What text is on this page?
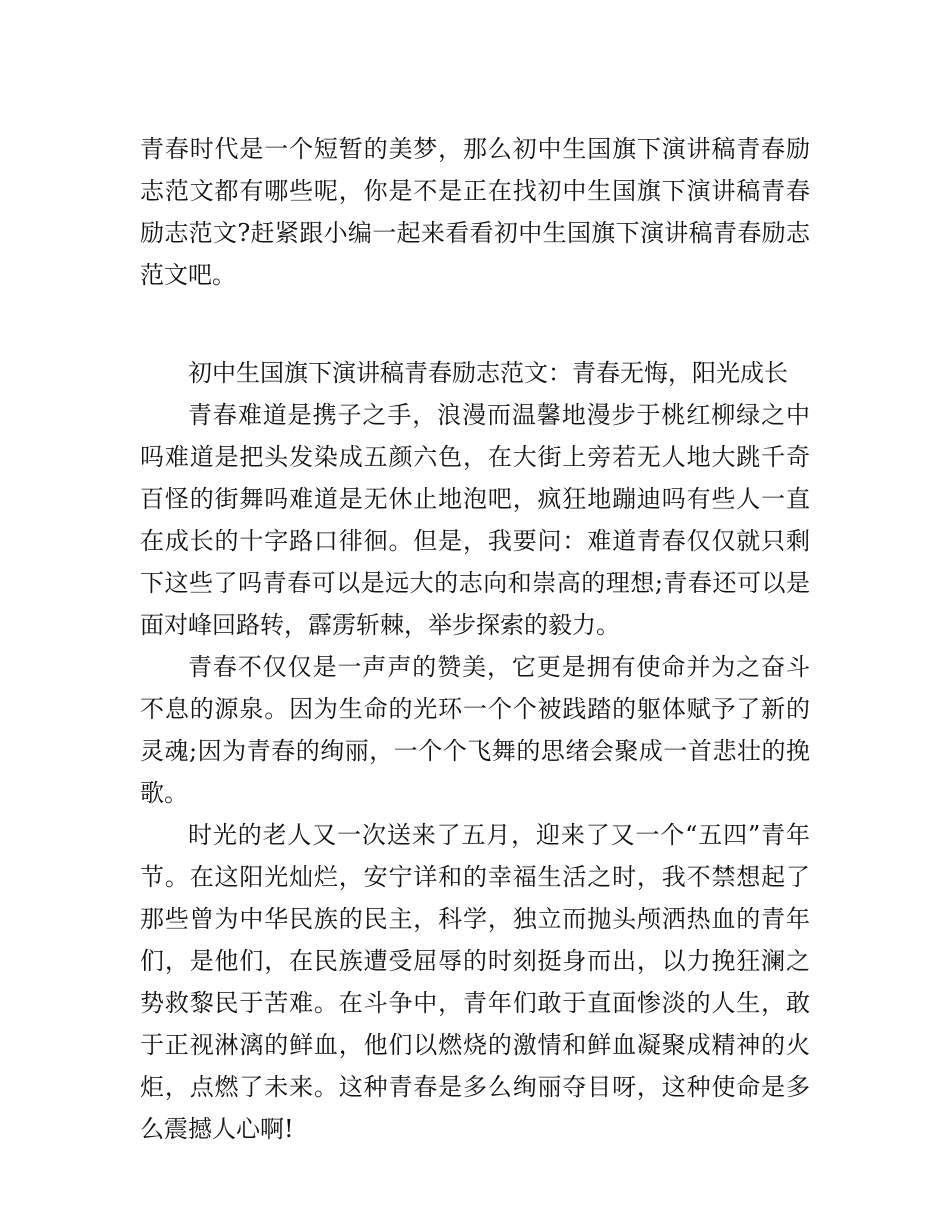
青春时代是一个短暂的美梦，那么初中生国旗下演讲稿青春励志范文都有哪些呢，你是不是正在找初中生国旗下演讲稿青春励志范文?赶紧跟小编一起来看看初中生国旗下演讲稿青春励志范文吧。

初中生国旗下演讲稿青春励志范文：青春无悔，阳光成长

青春难道是携子之手，浪漫而温馨地漫步于桃红柳绿之中吗难道是把头发染成五颜六色，在大街上旁若无人地大跳千奇百怪的街舞吗难道是无休止地泡吧，疯狂地蹦迪吗有些人一直在成长的十字路口徘徊。但是，我要问：难道青春仅仅就只剩下这些了吗青春可以是远大的志向和崇高的理想;青春还可以是面对峰回路转，霹雳斩棘，举步探索的毅力。

青春不仅仅是一声声的赞美，它更是拥有使命并为之奋斗不息的源泉。因为生命的光环一个个被践踏的躯体赋予了新的灵魂;因为青春的绚丽，一个个飞舞的思绪会聚成一首悲壮的挽歌。

时光的老人又一次送来了五月，迎来了又一个“五四”青年节。在这阳光灿烂，安宁详和的幸福生活之时，我不禁想起了那些曾为中华民族的民主，科学，独立而抛头颅洒热血的青年们，是他们，在民族遭受屈辱的时刻挺身而出，以力挽狂澜之势救黎民于苦难。在斗争中，青年们敢于直面惨淡的人生，敢于正视淋漓的鲜血，他们以燃烧的激情和鲜血凝聚成精神的火炬，点燃了未来。这种青春是多么绚丽夺目呀，这种使命是多么震撼人心啊!
